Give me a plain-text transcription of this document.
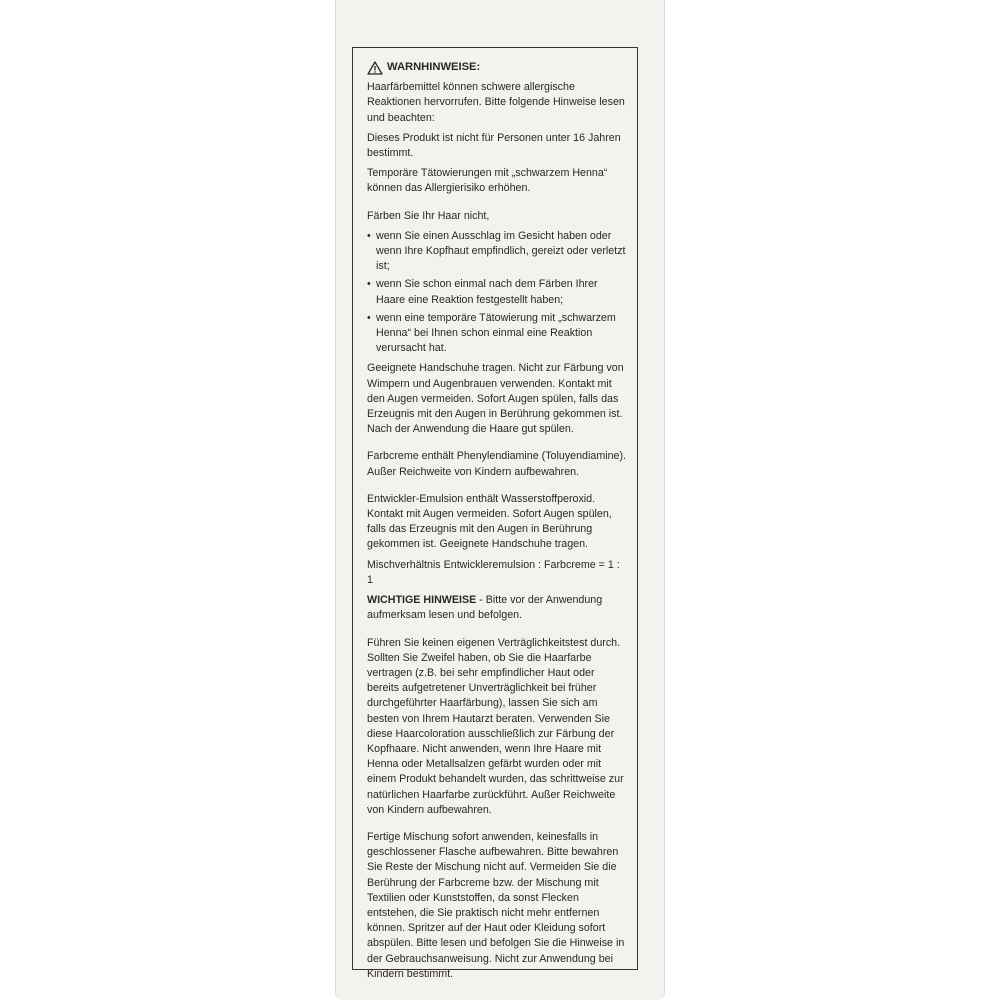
WARNHINWEISE:

Haarfärbemittel können schwere allergische Reaktionen hervorrufen. Bitte folgende Hinweise lesen und beachten:

Dieses Produkt ist nicht für Personen unter 16 Jahren bestimmt.

Temporäre Tätowierungen mit „schwarzem Henna“ können das Allergierisiko erhöhen.

Färben Sie Ihr Haar nicht,

• wenn Sie einen Ausschlag im Gesicht haben oder wenn Ihre Kopfhaut empfindlich, gereizt oder verletzt ist;
• wenn Sie schon einmal nach dem Färben Ihrer Haare eine Reaktion festgestellt haben;
• wenn eine temporäre Tätowierung mit „schwarzem Henna“ bei Ihnen schon einmal eine Reaktion verursacht hat.

Geeignete Handschuhe tragen. Nicht zur Färbung von Wimpern und Augenbrauen verwenden. Kontakt mit den Augen vermeiden. Sofort Augen spülen, falls das Erzeugnis mit den Augen in Berührung gekommen ist. Nach der Anwendung die Haare gut spülen.

Farbcreme enthält Phenylendiamine (Toluyendiamine). Außer Reichweite von Kindern aufbewahren.

Entwickler-Emulsion enthält Wasserstoffperoxid. Kontakt mit Augen vermeiden. Sofort Augen spülen, falls das Erzeugnis mit den Augen in Berührung gekommen ist. Geeignete Handschuhe tragen.

Mischverhältnis Entwickleremulsion : Farbcreme = 1 : 1

WICHTIGE HINWEISE - Bitte vor der Anwendung aufmerksam lesen und befolgen.

Führen Sie keinen eigenen Verträglichkeitstest durch. Sollten Sie Zweifel haben, ob Sie die Haarfarbe vertragen (z.B. bei sehr empfindlicher Haut oder bereits aufgetretener Unverträglichkeit bei früher durchgeführter Haarfärbung), lassen Sie sich am besten von Ihrem Hautarzt beraten. Verwenden Sie diese Haarcoloration ausschließlich zur Färbung der Kopfhaare. Nicht anwenden, wenn Ihre Haare mit Henna oder Metallsalzen gefärbt wurden oder mit einem Produkt behandelt wurden, das schrittweise zur natürlichen Haarfarbe zurückführt. Außer Reichweite von Kindern aufbewahren.

Fertige Mischung sofort anwenden, keinesfalls in geschlossener Flasche aufbewahren. Bitte bewahren Sie Reste der Mischung nicht auf. Vermeiden Sie die Berührung der Farbcreme bzw. der Mischung mit Textilien oder Kunststoffen, da sonst Flecken entstehen, die Sie praktisch nicht mehr entfernen können. Spritzer auf der Haut oder Kleidung sofort abspülen. Bitte lesen und befolgen Sie die Hinweise in der Gebrauchsanweisung. Nicht zur Anwendung bei Kindern bestimmt.
